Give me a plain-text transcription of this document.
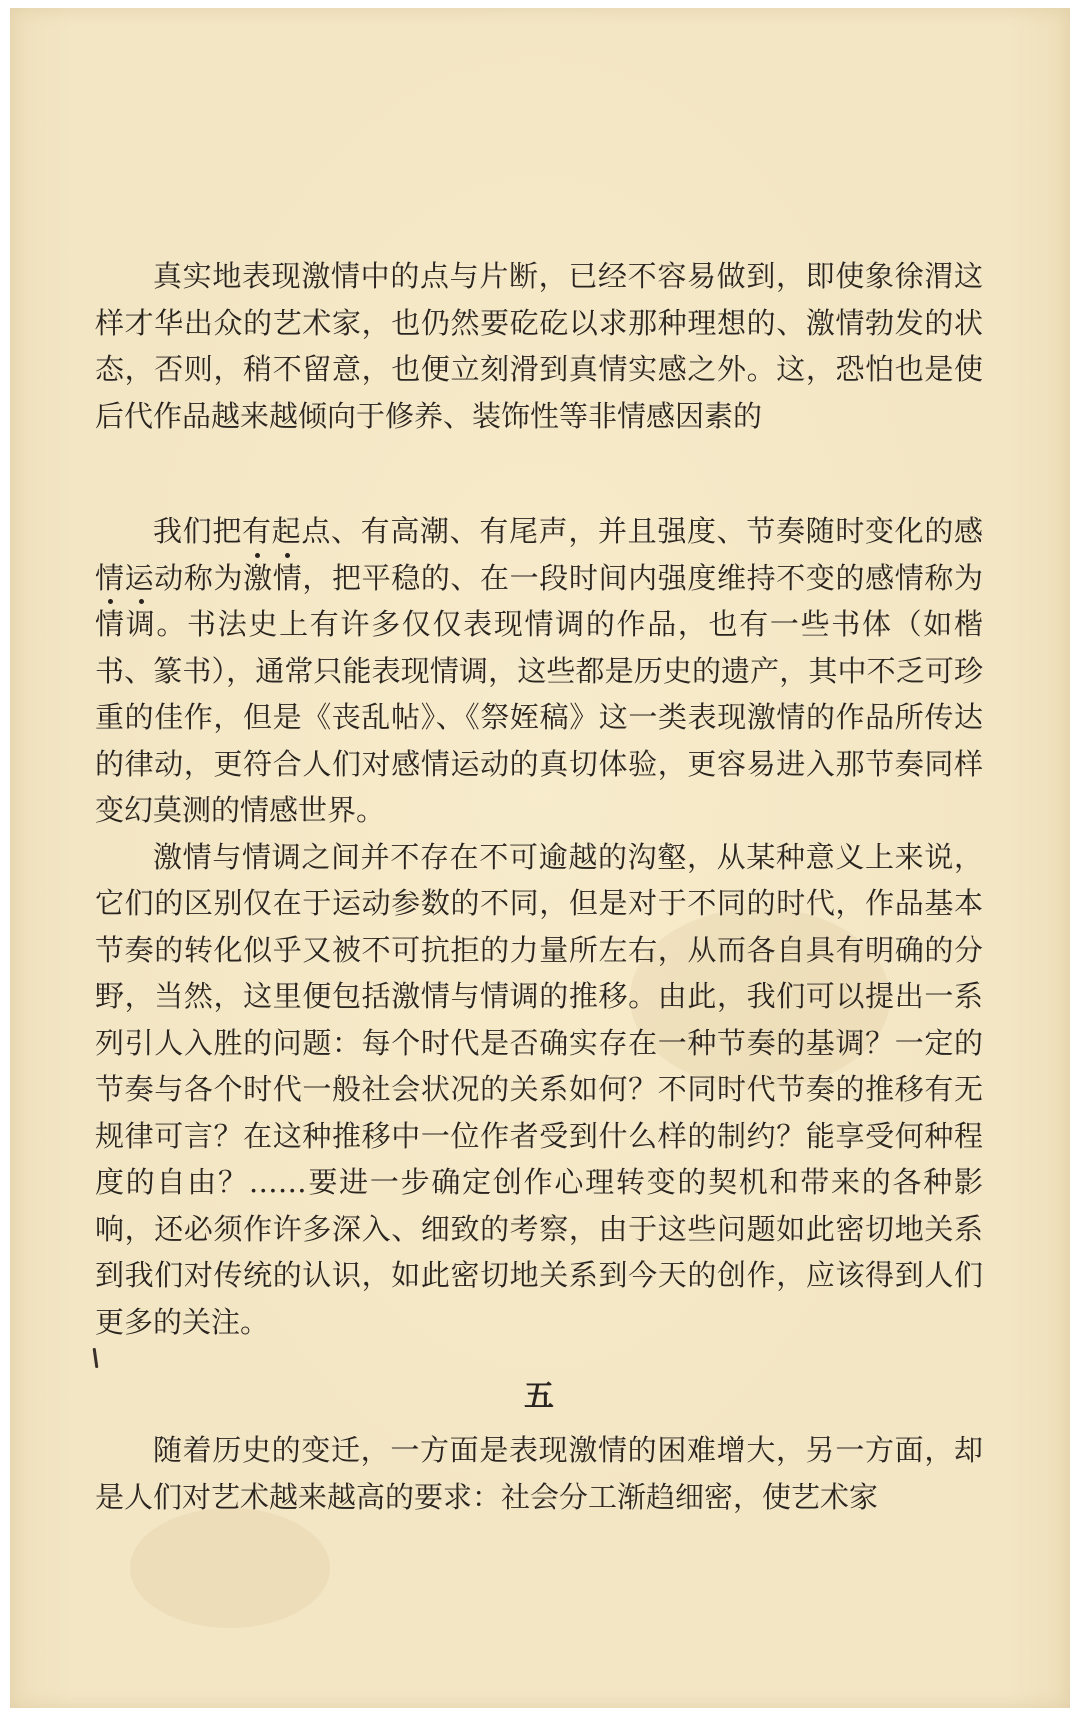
真实地表现激情中的点与片断，已经不容易做到，即使象徐渭这样才华出众的艺术家，也仍然要矻矻以求那种理想的、激情勃发的状态，否则，稍不留意，也便立刻滑到真情实感之外。这，恐怕也是使后代作品越来越倾向于修养、装饰性等非情感因素的

我们把有起点、有高潮、有尾声，并且强度、节奏随时变化的感情运动称为
激
情，把平稳的、在一段时间内强度维持不变的感情称为
情
调。书法史上有许多仅仅表现情调的作品，也有一些书体（如楷书、篆书），通常只能表现情调，这些都是历史的遗产，其中不乏可珍重的佳作，但是《丧乱帖》、《祭姪稿》这一类表现激情的作品所传达的律动，更符合人们对感情运动的真切体验，更容易进入那节奏同样变幻莫测的情感世界。

激情与情调之间并不存在不可逾越的沟壑，从某种意义上来说，它们的区别仅在于运动参数的不同，但是对于不同的时代，作品基本节奏的转化似乎又被不可抗拒的力量所左右，从而各自具有明确的分野，当然，这里便包括激情与情调的推移。由此，我们可以提出一系列引人入胜的问题：每个时代是否确实存在一种节奏的基调？一定的节奏与各个时代一般社会状况的关系如何？不同时代节奏的推移有无规律可言？在这种推移中一位作者受到什么样的制约？能享受何种程度的自由？……要进一步确定创作心理转变的契机和带来的各种影响，还必须作许多深入、细致的考察，由于这些问题如此密切地关系到我们对传统的认识，如此密切地关系到今天的创作，应该得到人们更多的关注。

五

随着历史的变迁，一方面是表现激情的困难增大，另一方面，却是人们对艺术越来越高的要求：社会分工渐趋细密，使艺术家
